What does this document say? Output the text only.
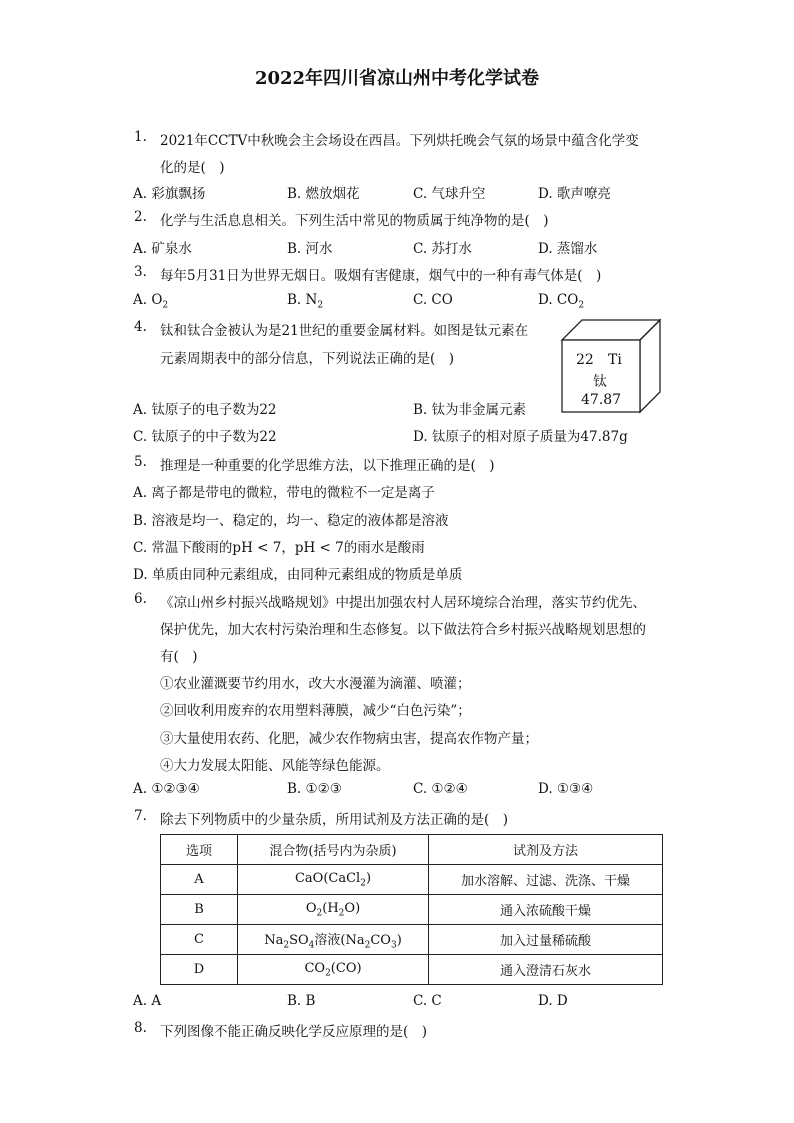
2022年四川省凉山州中考化学试卷
1. 2021年CCTV中秋晚会主会场设在西昌。下列烘托晚会气氛的场景中蕴含化学变
化的是(　)
A. 彩旗飘扬	B. 燃放烟花	C. 气球升空	D. 歌声嘹亮
2. 化学与生活息息相关。下列生活中常见的物质属于纯净物的是(　)
A. 矿泉水	B. 河水	C. 苏打水	D. 蒸馏水
3. 每年5月31日为世界无烟日。吸烟有害健康，烟气中的一种有毒气体是(　)
A. $O_2$	B. $N_2$	C. CO	D. $CO_2$
4. 钛和钛合金被认为是21世纪的重要金属材料。如图是钛元素在
元素周期表中的部分信息，下列说法正确的是(　)	22 Ti
钛
47.87
A. 钛原子的电子数为22	B. 钛为非金属元素
C. 钛原子的中子数为22	D. 钛原子的相对原子质量为47.87g
5. 推理是一种重要的化学思维方法，以下推理正确的是(　)
A. 离子都是带电的微粒，带电的微粒不一定是离子
B. 溶液是均一、稳定的，均一、稳定的液体都是溶液
C. 常温下酸雨的pH < 7，pH < 7的雨水是酸雨
D. 单质由同种元素组成，由同种元素组成的物质是单质
6. 《凉山州乡村振兴战略规划》中提出加强农村人居环境综合治理，落实节约优先、
保护优先，加大农村污染治理和生态修复。以下做法符合乡村振兴战略规划思想的
有(　)
①农业灌溉要节约用水，改大水漫灌为滴灌、喷灌；
②回收利用废弃的农用塑料薄膜，减少“白色污染”；
③大量使用农药、化肥，减少农作物病虫害，提高农作物产量；
④大力发展太阳能、风能等绿色能源。
A. ①②③④	B. ①②③	C. ①②④	D. ①③④
7. 除去下列物质中的少量杂质，所用试剂及方法正确的是(　)
选项	混合物(括号内为杂质)	试剂及方法
A	CaO(CaCl$_2$)	加水溶解、过滤、洗涤、干燥
B	$O_2(H_2O)$	通入浓硫酸干燥
C	$Na_2SO_4$溶液$(Na_2CO_3)$	加入过量稀硫酸
D	$CO_2(CO)$	通入澄清石灰水
A. A	B. B	C. C	D. D
8. 下列图像不能正确反映化学反应原理的是(　)
